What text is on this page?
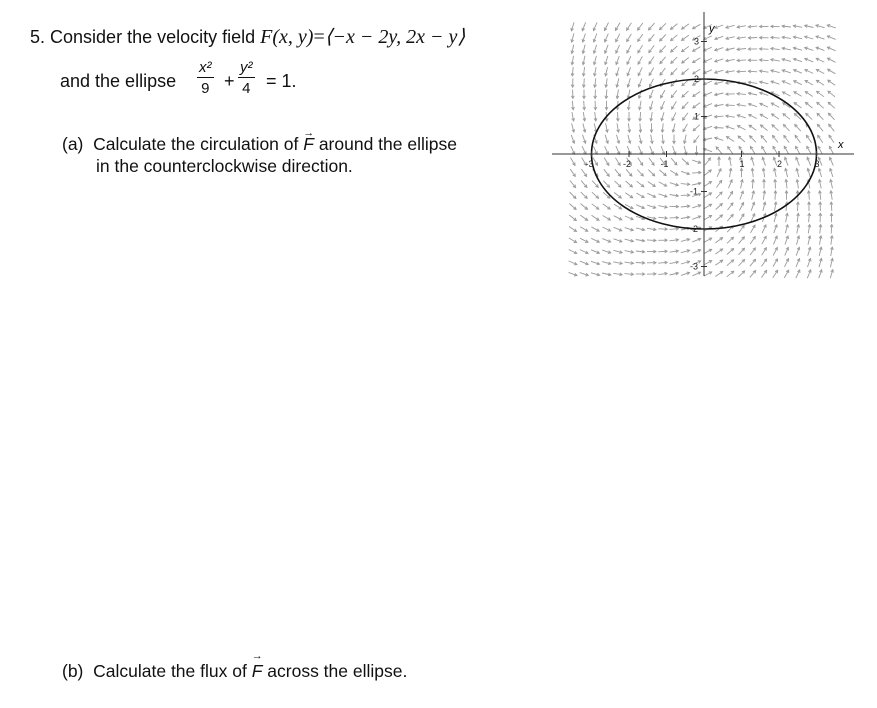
5. Consider the velocity field F(x, y)=⟨−x − 2y, 2x − y⟩
and the ellipse $\frac{\text{x²}}{9} + \frac{\text{y²}}{4} = 1$.
(a) Calculate the circulation of → F around the ellipse
in the counterclockwise direction.
(b) Calculate the flux of → F across the ellipse.
-3	-2	-1	1	2	3
3
2
1
-1
-2
-3
x
y
